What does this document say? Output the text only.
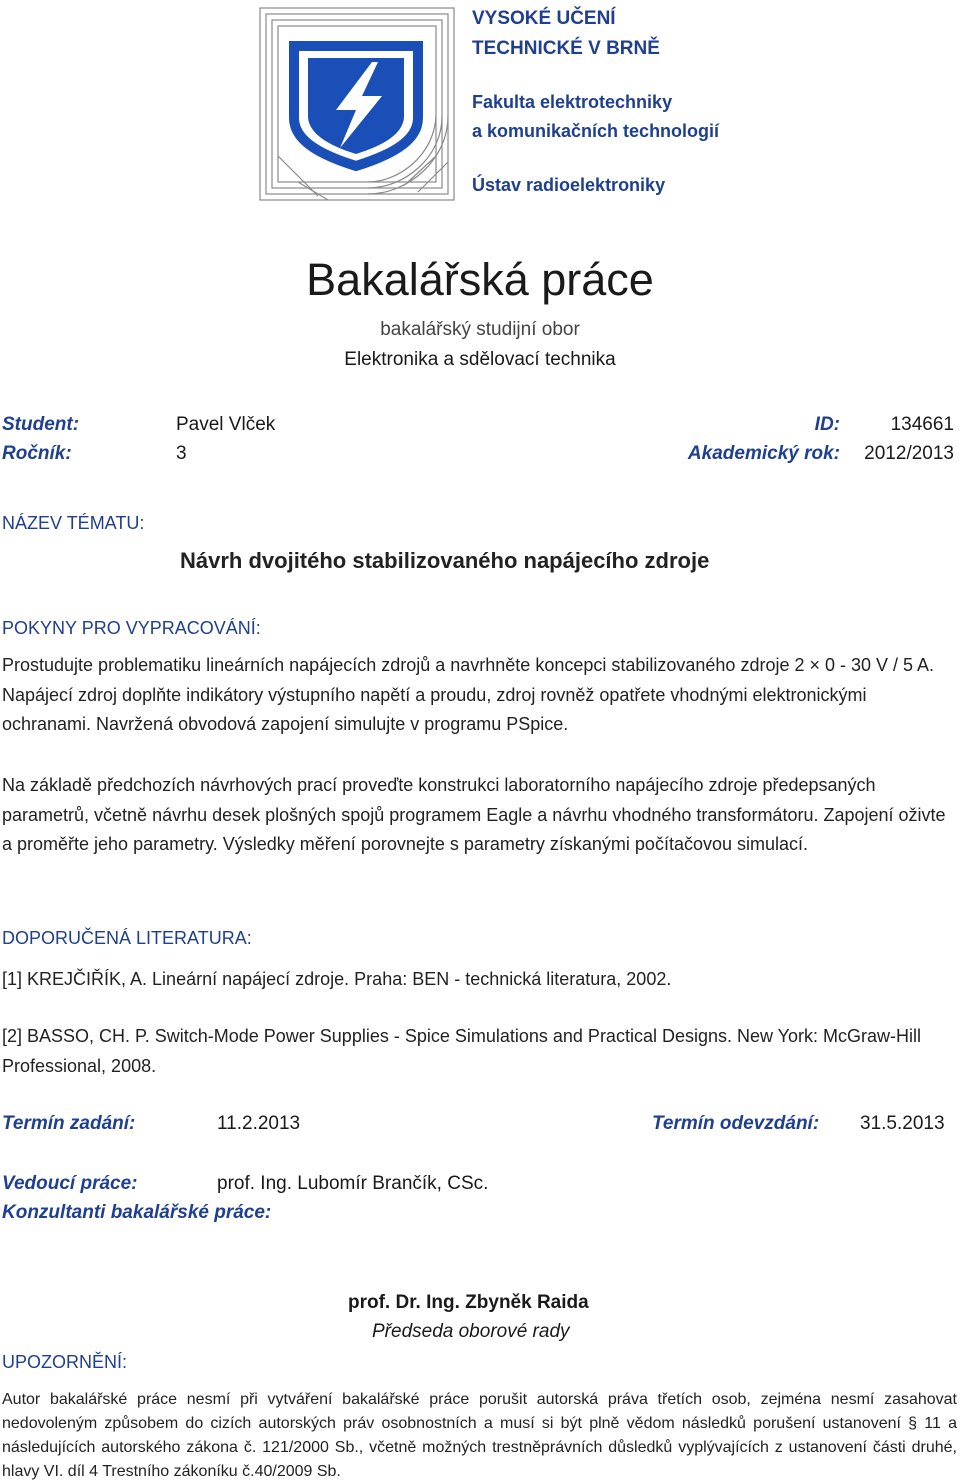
VYSOKÉ UČENÍ
TECHNICKÉ V BRNĚ
Fakulta elektrotechniky
a komunikačních technologií
Ústav radioelektroniky
Bakalářská práce
bakalářský studijní obor
Elektronika a sdělovací technika
Student:	Pavel Vlček	ID:	134661
Ročník:	3	Akademický rok: 2012/2013
NÁZEV TÉMATU:
Návrh dvojitého stabilizovaného napájecího zdroje
POKYNY PRO VYPRACOVÁNÍ:
Prostudujte problematiku lineárních napájecích zdrojů a navrhněte koncepci stabilizovaného zdroje 2 × 0 - 30 V / 5 A. Napájecí zdroj doplňte indikátory výstupního napětí a proudu, zdroj rovněž opatřete vhodnými elektronickými ochranami. Navržená obvodová zapojení simulujte v programu PSpice.
Na základě předchozích návrhových prací proveďte konstrukci laboratorního napájecího zdroje předepsaných parametrů, včetně návrhu desek plošných spojů programem Eagle a návrhu vhodného transformátoru. Zapojení oživte a proměřte jeho parametry. Výsledky měření porovnejte s parametry získanými počítačovou simulací.
DOPORUČENÁ LITERATURA:
[1] KREJČIŘÍK, A. Lineární napájecí zdroje. Praha: BEN - technická literatura, 2002.
[2] BASSO, CH. P. Switch-Mode Power Supplies - Spice Simulations and Practical Designs. New York: McGraw-Hill Professional, 2008.
Termín zadání:	11.2.2013	Termín odevzdání: 31.5.2013
Vedoucí práce:	prof. Ing. Lubomír Brančík, CSc.
Konzultanti bakalářské práce:
prof. Dr. Ing. Zbyněk Raida
Předseda oborové rady
UPOZORNĚNÍ:
Autor bakalářské práce nesmí při vytváření bakalářské práce porušit autorská práva třetích osob, zejména nesmí zasahovat nedovoleným způsobem do cizích autorských práv osobnostních a musí si být plně vědom následků porušení ustanovení § 11 a následujících autorského zákona č. 121/2000 Sb., včetně možných trestněprávních důsledků vyplývajících z ustanovení části druhé, hlavy VI. díl 4 Trestního zákoníku č.40/2009 Sb.
